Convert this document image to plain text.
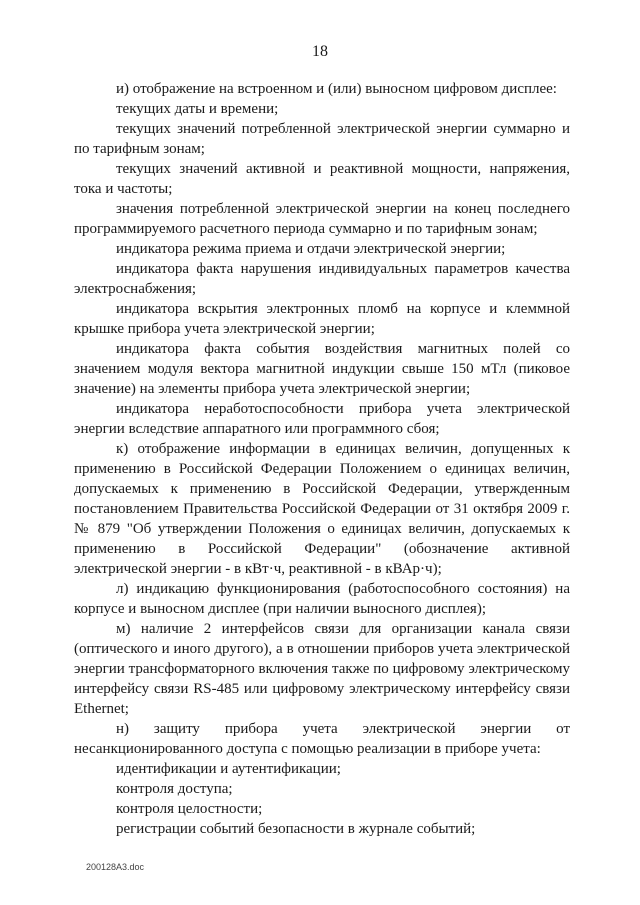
18

и) отображение на встроенном и (или) выносном цифровом дисплее:

текущих даты и времени;

текущих значений потребленной электрической энергии суммарно и по тарифным зонам;

текущих значений активной и реактивной мощности, напряжения, тока и частоты;

значения потребленной электрической энергии на конец последнего программируемого расчетного периода суммарно и по тарифным зонам;

индикатора режима приема и отдачи электрической энергии;

индикатора факта нарушения индивидуальных параметров качества электроснабжения;

индикатора вскрытия электронных пломб на корпусе и клеммной крышке прибора учета электрической энергии;

индикатора факта события воздействия магнитных полей со значением модуля вектора магнитной индукции свыше 150 мТл (пиковое значение) на элементы прибора учета электрической энергии;

индикатора неработоспособности прибора учета электрической энергии вследствие аппаратного или программного сбоя;

к) отображение информации в единицах величин, допущенных к применению в Российской Федерации Положением о единицах величин, допускаемых к применению в Российской Федерации, утвержденным постановлением Правительства Российской Федерации от 31 октября 2009 г. № 879 "Об утверждении Положения о единицах величин, допускаемых к применению в Российской Федерации" (обозначение активной электрической энергии - в кВт·ч, реактивной - в кВАр·ч);

л) индикацию функционирования (работоспособного состояния) на корпусе и выносном дисплее (при наличии выносного дисплея);

м) наличие 2 интерфейсов связи для организации канала связи (оптического и иного другого), а в отношении приборов учета электрической энергии трансформаторного включения также по цифровому электрическому интерфейсу связи RS-485 или цифровому электрическому интерфейсу связи Ethernet;

н) защиту прибора учета электрической энергии от несанкционированного доступа с помощью реализации в приборе учета:

идентификации и аутентификации;

контроля доступа;

контроля целостности;

регистрации событий безопасности в журнале событий;

200128А3.doc
